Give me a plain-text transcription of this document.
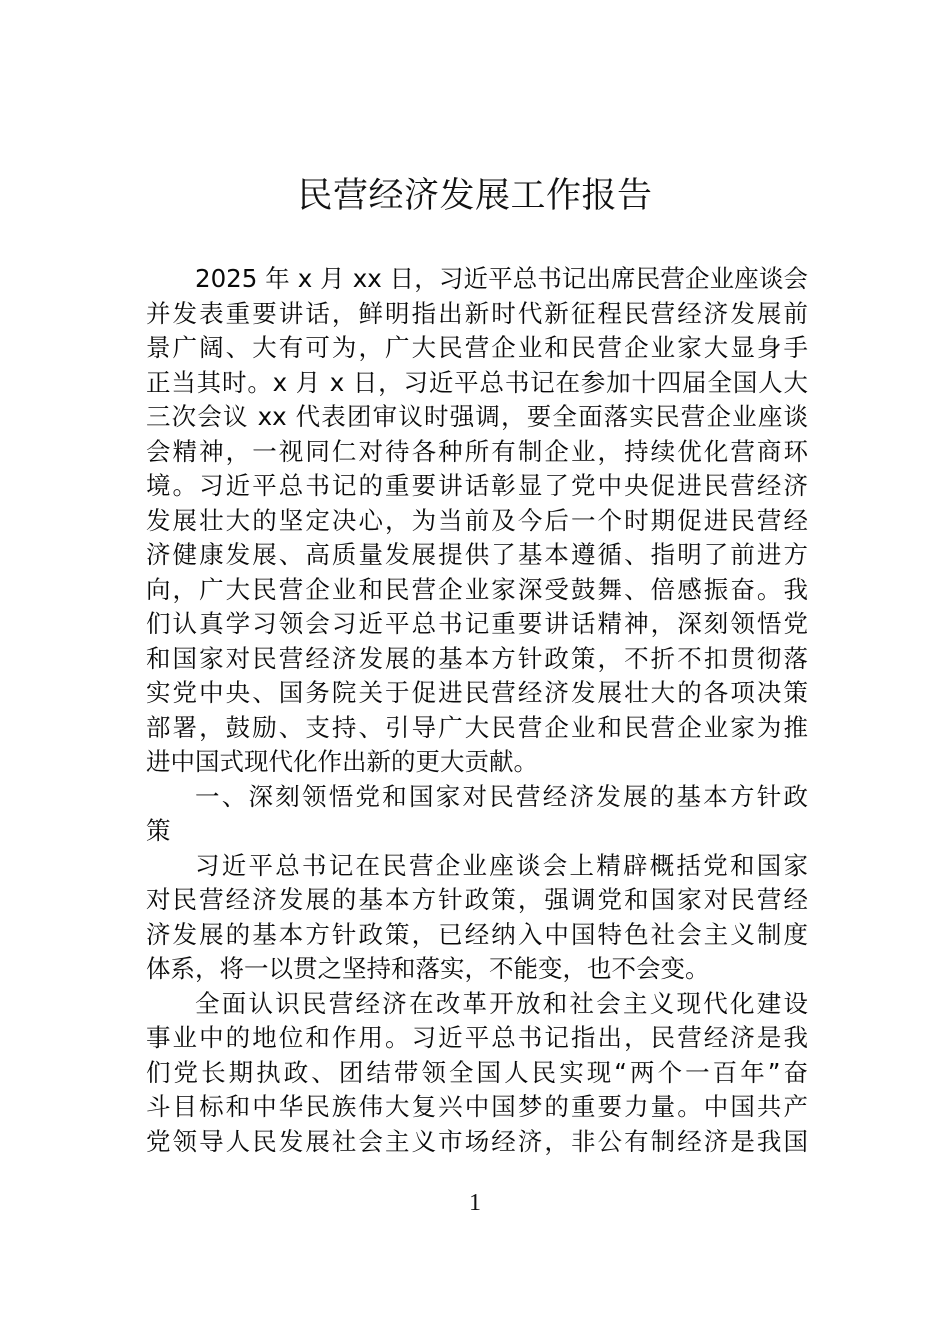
民营经济发展工作报告
2025 年 x 月 xx 日，习近平总书记出席民营企业座谈会
并发表重要讲话，鲜明指出新时代新征程民营经济发展前
景广阔、大有可为，广大民营企业和民营企业家大显身手
正当其时。x 月 x 日，习近平总书记在参加十四届全国人大
三次会议 xx 代表团审议时强调，要全面落实民营企业座谈
会精神，一视同仁对待各种所有制企业，持续优化营商环
境。习近平总书记的重要讲话彰显了党中央促进民营经济
发展壮大的坚定决心，为当前及今后一个时期促进民营经
济健康发展、高质量发展提供了基本遵循、指明了前进方
向，广大民营企业和民营企业家深受鼓舞、倍感振奋。我
们认真学习领会习近平总书记重要讲话精神，深刻领悟党
和国家对民营经济发展的基本方针政策，不折不扣贯彻落
实党中央、国务院关于促进民营经济发展壮大的各项决策
部署，鼓励、支持、引导广大民营企业和民营企业家为推
进中国式现代化作出新的更大贡献。
一、深刻领悟党和国家对民营经济发展的基本方针政
策
习近平总书记在民营企业座谈会上精辟概括党和国家
对民营经济发展的基本方针政策，强调党和国家对民营经
济发展的基本方针政策，已经纳入中国特色社会主义制度
体系，将一以贯之坚持和落实，不能变，也不会变。
全面认识民营经济在改革开放和社会主义现代化建设
事业中的地位和作用。习近平总书记指出，民营经济是我
们党长期执政、团结带领全国人民实现“两个一百年”奋
斗目标和中华民族伟大复兴中国梦的重要力量。中国共产
党领导人民发展社会主义市场经济，非公有制经济是我国
1
